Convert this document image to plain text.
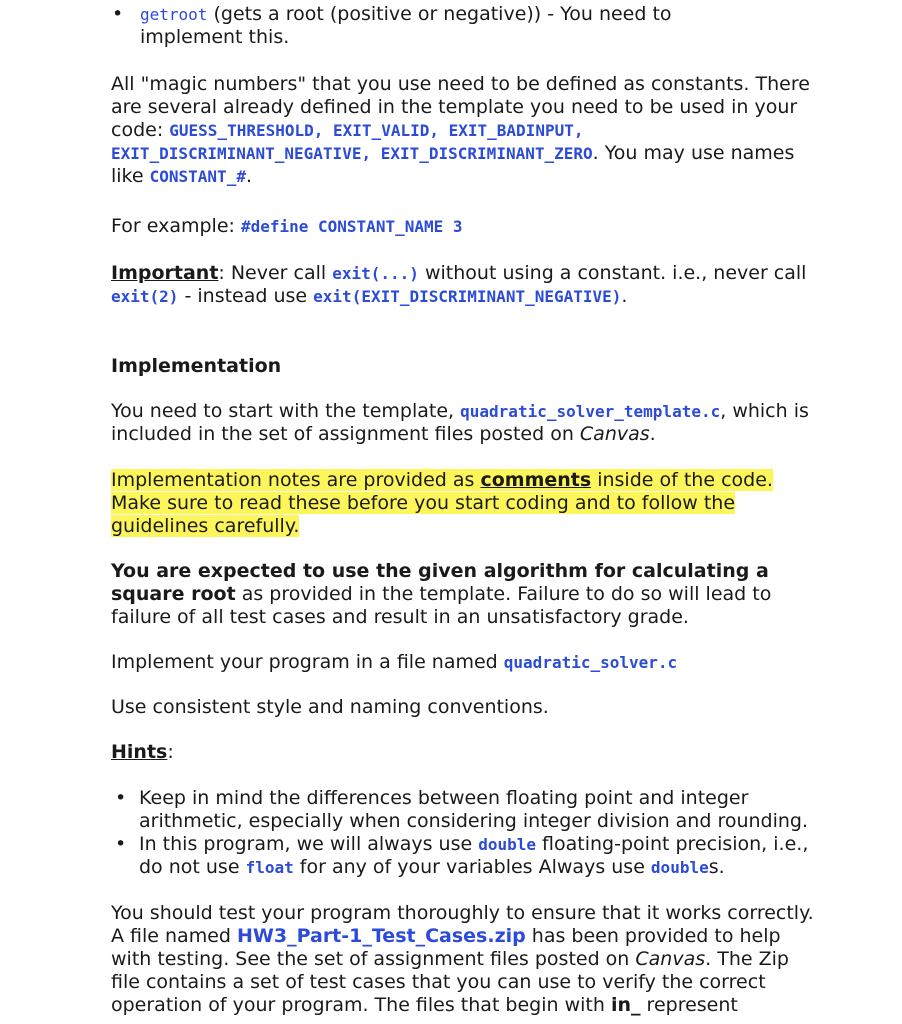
• getroot (gets a root (positive or negative)) - You need to implement this.

All "magic numbers" that you use need to be defined as constants. There are several already defined in the template you need to be used in your code: GUESS_THRESHOLD, EXIT_VALID, EXIT_BADINPUT, EXIT_DISCRIMINANT_NEGATIVE, EXIT_DISCRIMINANT_ZERO. You may use names like CONSTANT_#.

For example: #define CONSTANT_NAME 3

Important: Never call exit(...) without using a constant. i.e., never call exit(2) - instead use exit(EXIT_DISCRIMINANT_NEGATIVE).

Implementation

You need to start with the template, quadratic_solver_template.c, which is included in the set of assignment files posted on Canvas.

Implementation notes are provided as comments inside of the code. Make sure to read these before you start coding and to follow the guidelines carefully.

You are expected to use the given algorithm for calculating a square root as provided in the template. Failure to do so will lead to failure of all test cases and result in an unsatisfactory grade.

Implement your program in a file named quadratic_solver.c

Use consistent style and naming conventions.

Hints:

• Keep in mind the differences between floating point and integer arithmetic, especially when considering integer division and rounding.
• In this program, we will always use double floating-point precision, i.e., do not use float for any of your variables Always use doubles.

You should test your program thoroughly to ensure that it works correctly. A file named HW3_Part-1_Test_Cases.zip has been provided to help with testing. See the set of assignment files posted on Canvas. The Zip file contains a set of test cases that you can use to verify the correct operation of your program. The files that begin with in_ represent
